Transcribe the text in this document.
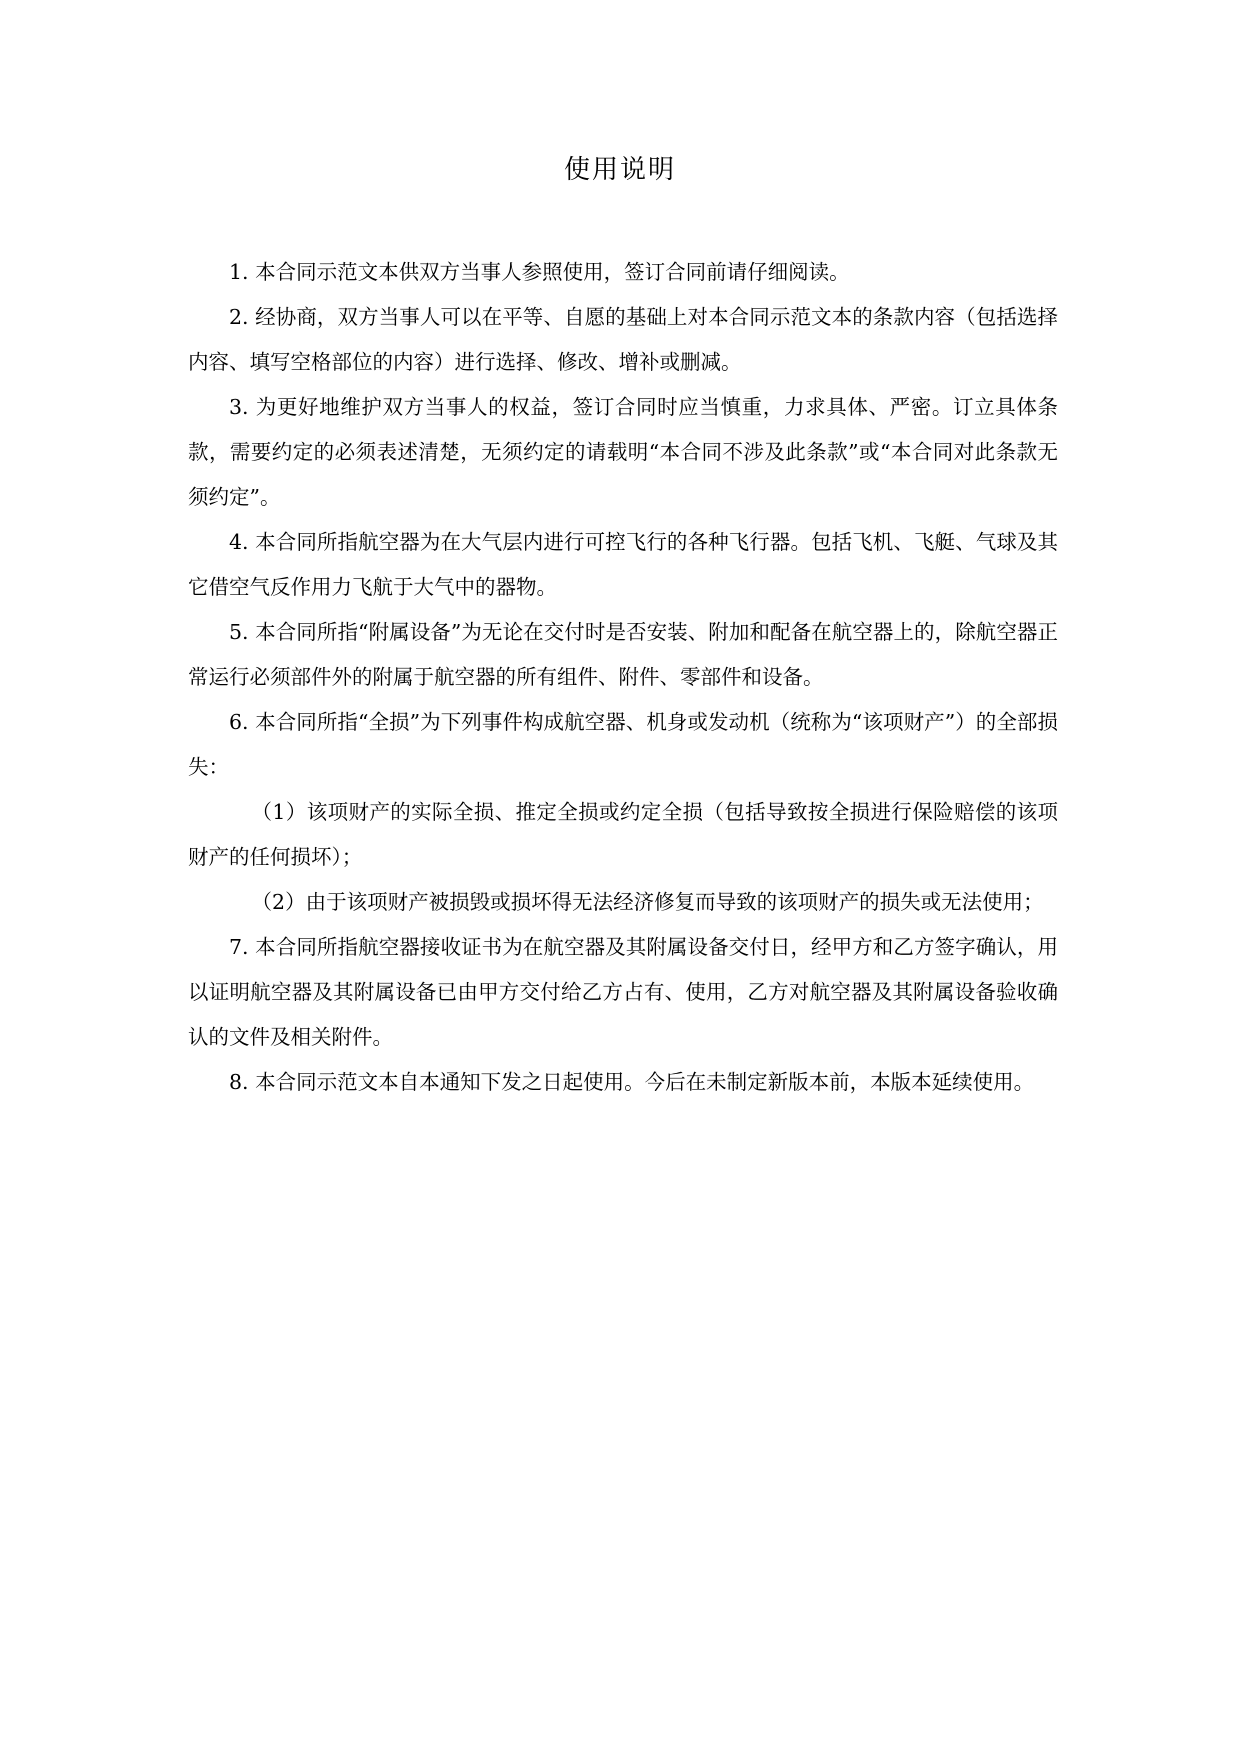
使用说明

1. 本合同示范文本供双方当事人参照使用，签订合同前请仔细阅读。

2. 经协商，双方当事人可以在平等、自愿的基础上对本合同示范文本的条款内容（包括选择内容、填写空格部位的内容）进行选择、修改、增补或删减。

3. 为更好地维护双方当事人的权益，签订合同时应当慎重，力求具体、严密。订立具体条款，需要约定的必须表述清楚，无须约定的请载明“本合同不涉及此条款”或“本合同对此条款无须约定”。

4. 本合同所指航空器为在大气层内进行可控飞行的各种飞行器。包括飞机、飞艇、气球及其它借空气反作用力飞航于大气中的器物。

5. 本合同所指“附属设备”为无论在交付时是否安装、附加和配备在航空器上的，除航空器正常运行必须部件外的附属于航空器的所有组件、附件、零部件和设备。

6. 本合同所指“全损”为下列事件构成航空器、机身或发动机（统称为“该项财产”）的全部损失：

（1）该项财产的实际全损、推定全损或约定全损（包括导致按全损进行保险赔偿的该项财产的任何损坏）；

（2）由于该项财产被损毁或损坏得无法经济修复而导致的该项财产的损失或无法使用；

7. 本合同所指航空器接收证书为在航空器及其附属设备交付日，经甲方和乙方签字确认，用以证明航空器及其附属设备已由甲方交付给乙方占有、使用，乙方对航空器及其附属设备验收确认的文件及相关附件。

8. 本合同示范文本自本通知下发之日起使用。今后在未制定新版本前，本版本延续使用。
